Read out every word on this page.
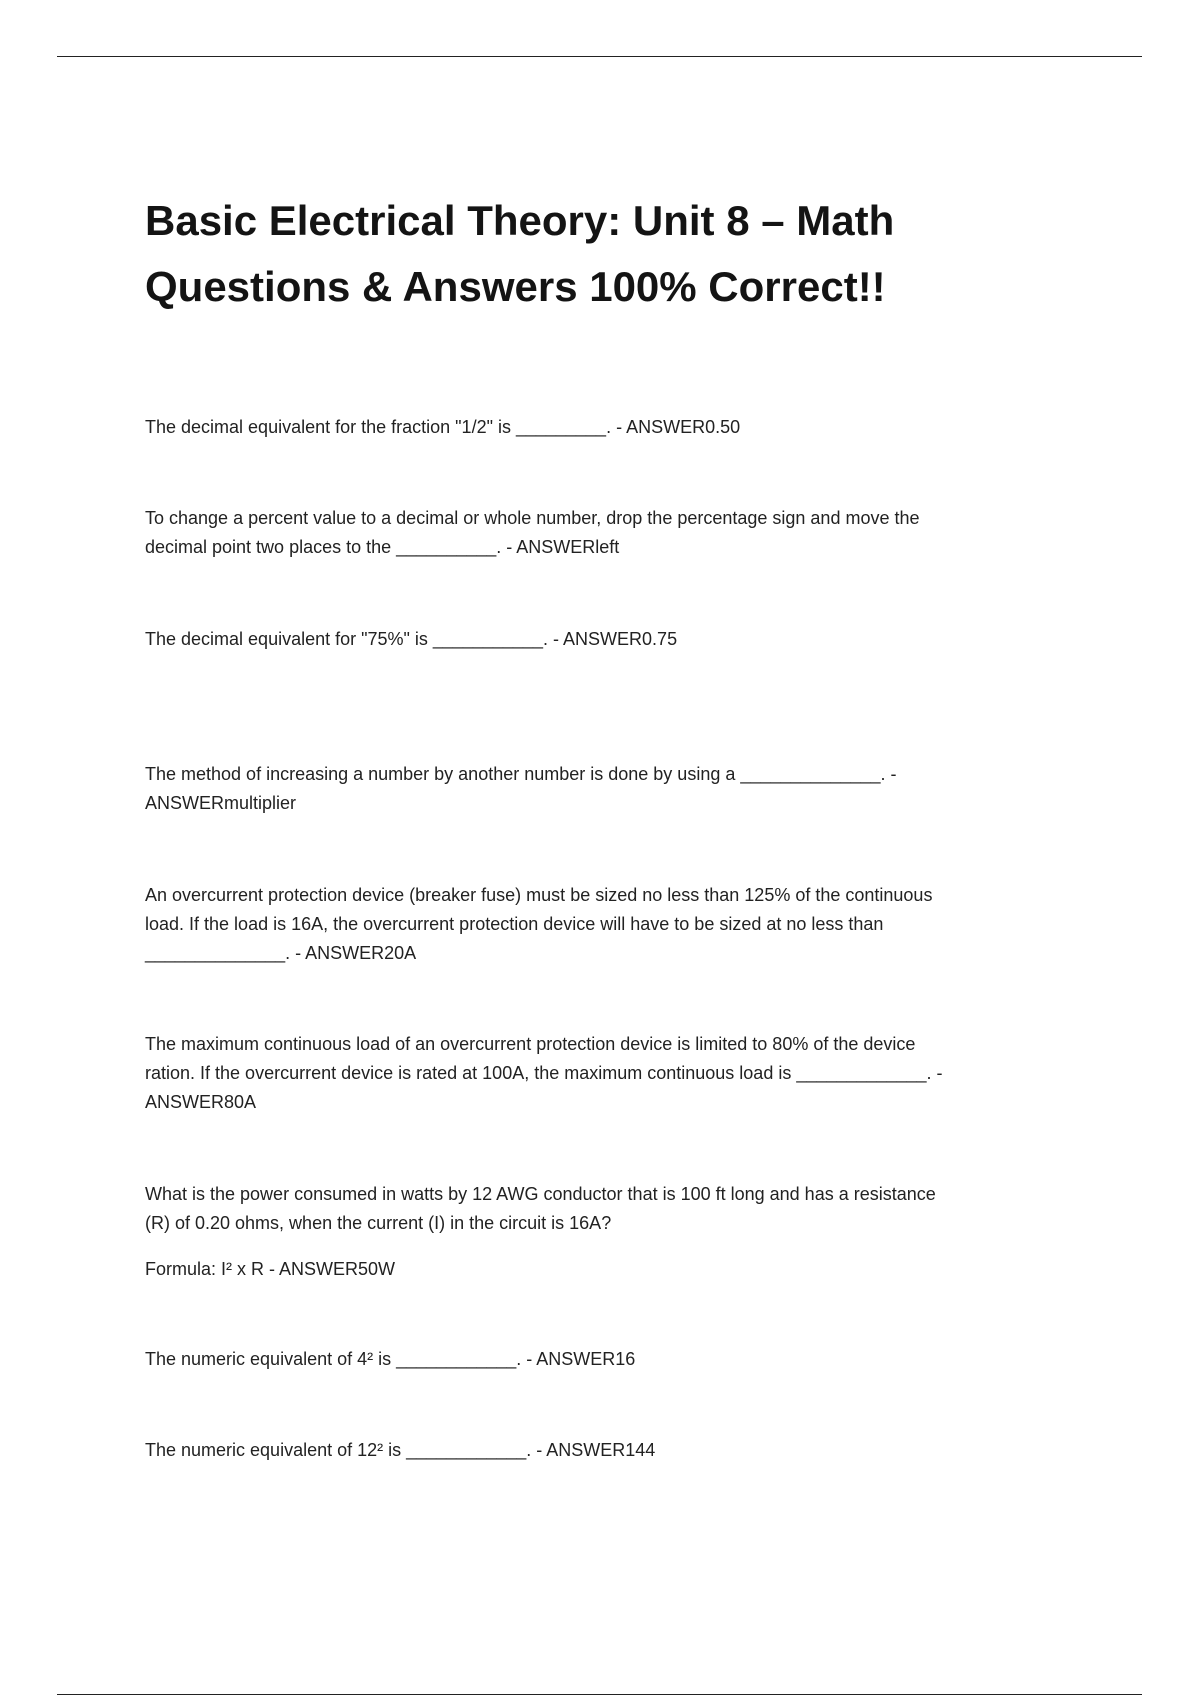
Basic Electrical Theory: Unit 8 – Math
Questions & Answers 100% Correct!!
The decimal equivalent for the fraction "1/2" is _________. - ANSWER0.50
To change a percent value to a decimal or whole number, drop the percentage sign and move the
decimal point two places to the __________. - ANSWERleft
The decimal equivalent for "75%" is ___________. - ANSWER0.75
The method of increasing a number by another number is done by using a ______________. -
ANSWERmultiplier
An overcurrent protection device (breaker fuse) must be sized no less than 125% of the continuous
load. If the load is 16A, the overcurrent protection device will have to be sized at no less than
______________. - ANSWER20A
The maximum continuous load of an overcurrent protection device is limited to 80% of the device
ration. If the overcurrent device is rated at 100A, the maximum continuous load is _____________. -
ANSWER80A
What is the power consumed in watts by 12 AWG conductor that is 100 ft long and has a resistance
(R) of 0.20 ohms, when the current (I) in the circuit is 16A?
Formula: I² x R - ANSWER50W
The numeric equivalent of 4² is ____________. - ANSWER16
The numeric equivalent of 12² is ____________. - ANSWER144
